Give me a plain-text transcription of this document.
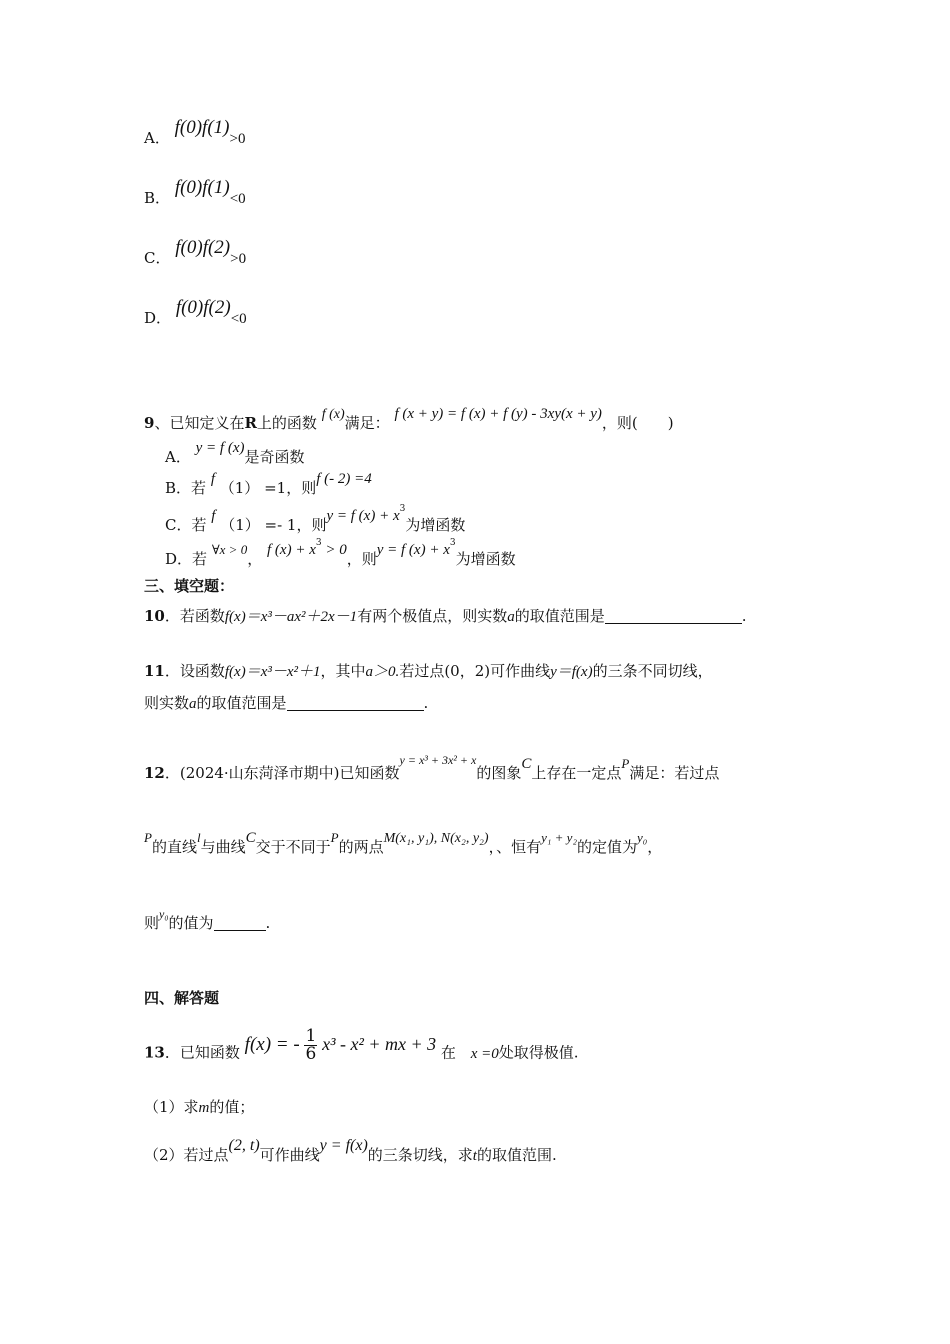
A． f(0)f(1)>0
B． f(0)f(1)<0
C． f(0)f(2)>0
D． f(0)f(2)<0
9、已知定义在R上的函数 f (x)满足： f (x + y) = f (x) + f (y) - 3xy(x + y)，则(　　)
A． y = f (x)是奇函数
B．若 f （1） =1，则f (- 2) =4
C．若 f （1） =- 1，则y = f $(x) + x^3$为增函数
D．若 ∀x > 0， f $(x) + x^3 > 0$，则y = f $(x) + x^3$为增函数
三、填空题：
10．若函数f(x)＝x³－ax²＋2x－1有两个极值点，则实数a的取值范围是	.
11．设函数f(x)＝x³－x²＋1，其中a＞0.若过点(0，2)可作曲线y＝f(x)的三条不同切线，
则实数a的取值范围是	.
12．(2024·山东菏泽市期中)已知函数$^{y = x^3 + 3x^2 + x}$的图象C上存在一定点P满足：若过点
P的直线l与曲线C交于不同于P的两点M(x₁, y₁), N(x₂, y₂)，、恒有y₁ + y₂的定值为y₀，
则$^{y_0}$的值为	.
四、解答题
13．已知函数 f(x) = - $\frac{1}{6} x^3 - x^2$ + mx + 3 在 x =0处取得极值.
（1）求m的值；
（2）若过点(2, t)可作曲线y = f(x)的三条切线，求t的取值范围.
